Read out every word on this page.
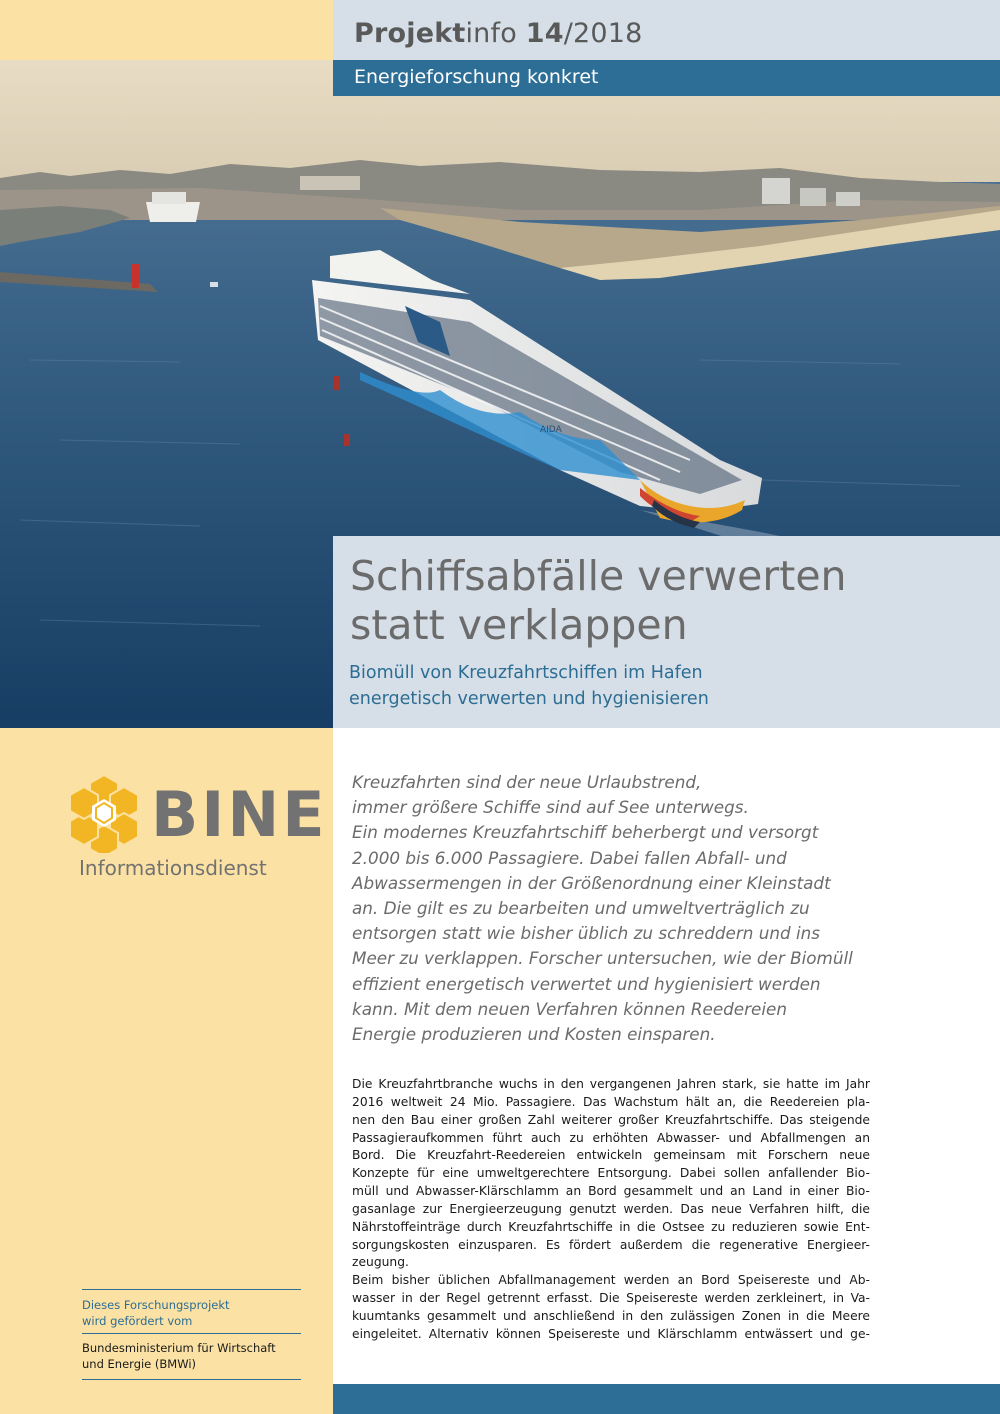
Projektinfo 14/2018
AIDA
Energieforschung konkret
Schiffsabfälle verwerten
statt verklappen
Biomüll von Kreuzfahrtschiffen im Hafen
energetisch verwerten und hygienisieren
BINE
Informationsdienst
Dieses Forschungsprojekt
wird gefördert vom
Bundesministerium für Wirtschaft
und Energie (BMWi)
Kreuzfahrten sind der neue Urlaubstrend,
immer größere Schiffe sind auf See unterwegs.
Ein modernes Kreuzfahrtschiff beherbergt und versorgt
2.000 bis 6.000 Passagiere. Dabei fallen Abfall- und
Abwassermengen in der Größenordnung einer Kleinstadt
an. Die gilt es zu bearbeiten und umweltverträglich zu
entsorgen statt wie bisher üblich zu schreddern und ins
Meer zu verklappen. Forscher untersuchen, wie der Biomüll
effizient energetisch verwertet und hygienisiert werden
kann. Mit dem neuen Verfahren können Reedereien
Energie produzieren und Kosten einsparen.
Die Kreuzfahrtbranche wuchs in den vergangenen Jahren stark, sie hatte im Jahr
2016 weltweit 24 Mio. Passagiere. Das Wachstum hält an, die Reedereien pla-
nen den Bau einer großen Zahl weiterer großer Kreuzfahrtschiffe. Das steigende
Passagieraufkommen führt auch zu erhöhten Abwasser- und Abfallmengen an
Bord. Die Kreuzfahrt-Reedereien entwickeln gemeinsam mit Forschern neue
Konzepte für eine umweltgerechtere Entsorgung. Dabei sollen anfallender Bio-
müll und Abwasser-Klärschlamm an Bord gesammelt und an Land in einer Bio-
gasanlage zur Energieerzeugung genutzt werden. Das neue Verfahren hilft, die
Nährstoffeinträge durch Kreuzfahrtschiffe in die Ostsee zu reduzieren sowie Ent-
sorgungskosten einzusparen. Es fördert außerdem die regenerative Energieer-
zeugung.
Beim bisher üblichen Abfallmanagement werden an Bord Speisereste und Ab-
wasser in der Regel getrennt erfasst. Die Speisereste werden zerkleinert, in Va-
kuumtanks gesammelt und anschließend in den zulässigen Zonen in die Meere
eingeleitet. Alternativ können Speisereste und Klärschlamm entwässert und ge-
